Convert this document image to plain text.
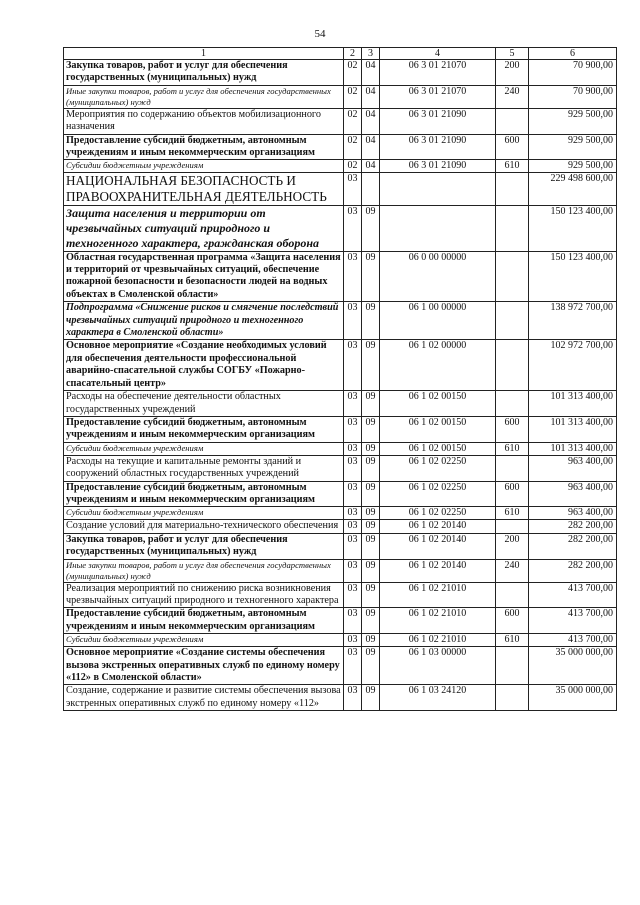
54
1	2	3	4	5	6
Закупка товаров, работ и услуг для обеспечения государственных (муниципальных) нужд	02	04	06 3 01 21070	200	70 900,00
Иные закупки товаров, работ и услуг для обеспечения государственных (муниципальных) нужд	02	04	06 3 01 21070	240	70 900,00
Мероприятия по содержанию объектов мобилизационного назначения	02	04	06 3 01 21090		929 500,00
Предоставление субсидий бюджетным, автономным учреждениям и иным некоммерческим организациям	02	04	06 3 01 21090	600	929 500,00
Субсидии бюджетным учреждениям	02	04	06 3 01 21090	610	929 500,00
НАЦИОНАЛЬНАЯ БЕЗОПАСНОСТЬ И ПРАВООХРАНИТЕЛЬНАЯ ДЕЯТЕЛЬНОСТЬ	03				229 498 600,00
Защита населения и территории от чрезвычайных ситуаций природного и техногенного характера, гражданская оборона	03	09			150 123 400,00
Областная государственная программа «Защита населения и территорий от чрезвычайных ситуаций, обеспечение пожарной безопасности и безопасности людей на водных объектах в Смоленской области»	03	09	06 0 00 00000		150 123 400,00
Подпрограмма «Снижение рисков и смягчение последствий чрезвычайных ситуаций природного и техногенного характера в Смоленской области»	03	09	06 1 00 00000		138 972 700,00
Основное мероприятие «Создание необходимых условий для обеспечения деятельности профессиональной аварийно-спасательной службы СОГБУ «Пожарно-спасательный центр»	03	09	06 1 02 00000		102 972 700,00
Расходы на обеспечение деятельности областных государственных учреждений	03	09	06 1 02 00150		101 313 400,00
Предоставление субсидий бюджетным, автономным учреждениям и иным некоммерческим организациям	03	09	06 1 02 00150	600	101 313 400,00
Субсидии бюджетным учреждениям	03	09	06 1 02 00150	610	101 313 400,00
Расходы на текущие и капитальные ремонты зданий и сооружений областных государственных учреждений	03	09	06 1 02 02250		963 400,00
Предоставление субсидий бюджетным, автономным учреждениям и иным некоммерческим организациям	03	09	06 1 02 02250	600	963 400,00
Субсидии бюджетным учреждениям	03	09	06 1 02 02250	610	963 400,00
Создание условий для материально-технического обеспечения	03	09	06 1 02 20140		282 200,00
Закупка товаров, работ и услуг для обеспечения государственных (муниципальных) нужд	03	09	06 1 02 20140	200	282 200,00
Иные закупки товаров, работ и услуг для обеспечения государственных (муниципальных) нужд	03	09	06 1 02 20140	240	282 200,00
Реализация мероприятий по снижению риска возникновения чрезвычайных ситуаций природного и техногенного характера	03	09	06 1 02 21010		413 700,00
Предоставление субсидий бюджетным, автономным учреждениям и иным некоммерческим организациям	03	09	06 1 02 21010	600	413 700,00
Субсидии бюджетным учреждениям	03	09	06 1 02 21010	610	413 700,00
Основное мероприятие «Создание системы обеспечения вызова экстренных оперативных служб по единому номеру «112» в Смоленской области»	03	09	06 1 03 00000		35 000 000,00
Создание, содержание и развитие системы обеспечения вызова экстренных оперативных служб по единому номеру «112»	03	09	06 1 03 24120		35 000 000,00
